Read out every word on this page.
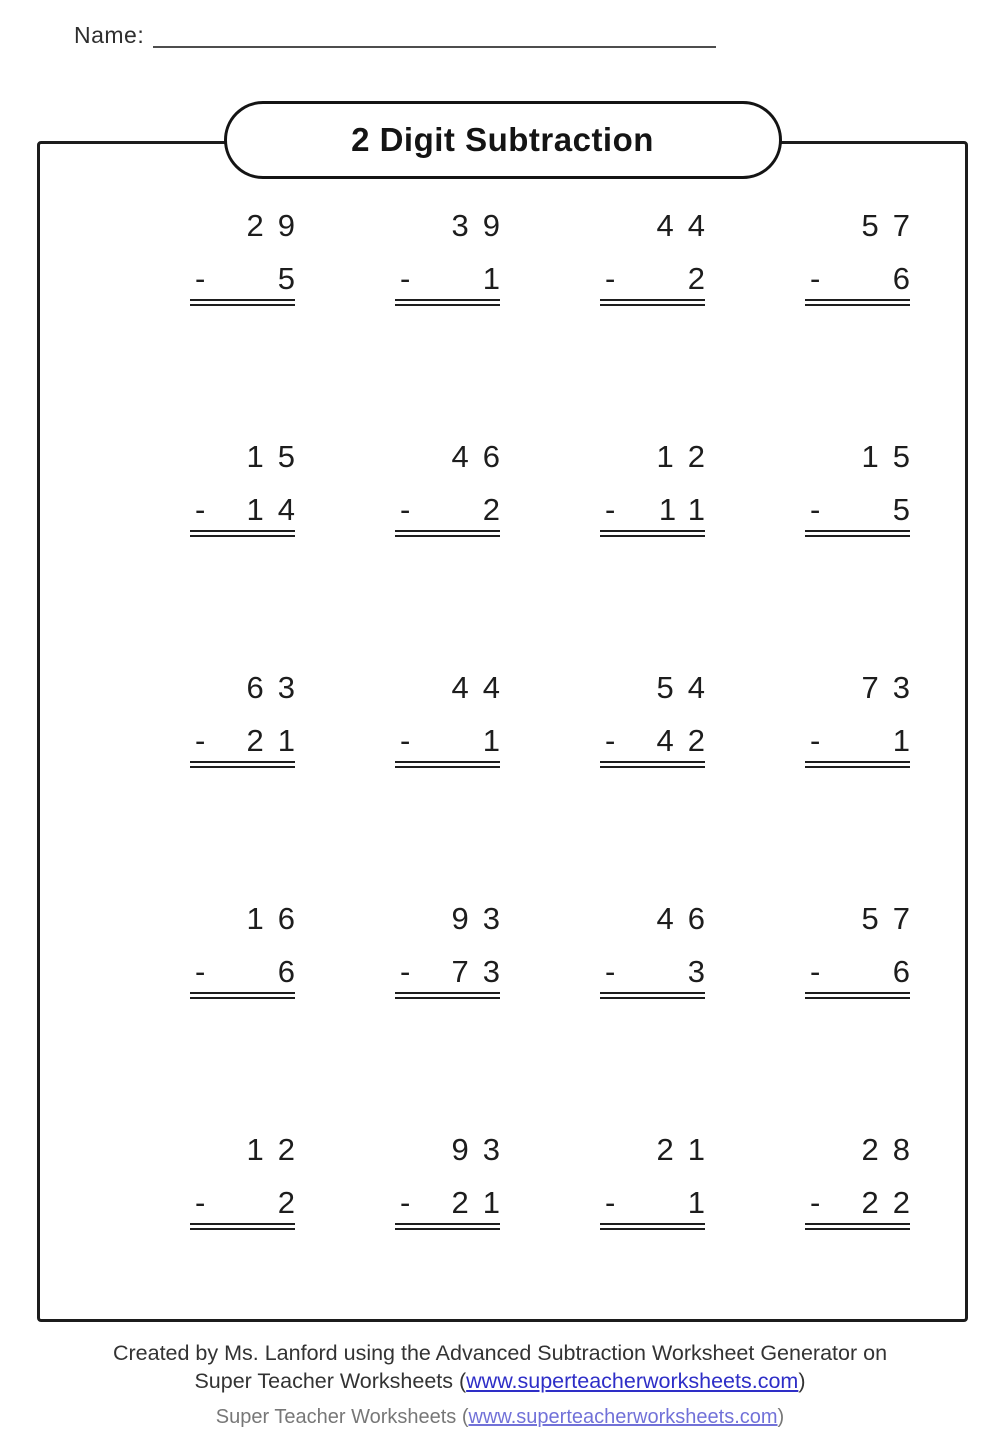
Name:
2 Digit Subtraction
29
- 5
39
- 1
44
- 2
57
- 6
15
- 14
46
- 2
12
- 11
15
- 5
63
- 21
44
- 1
54
- 42
73
- 1
16
- 6
93
- 73
46
- 3
57
- 6
12
- 2
93
- 21
21
- 1
28
- 22
Created by Ms. Lanford using the Advanced Subtraction Worksheet Generator on
Super Teacher Worksheets (www.superteacherworksheets.com)
Super Teacher Worksheets (www.superteacherworksheets.com)
